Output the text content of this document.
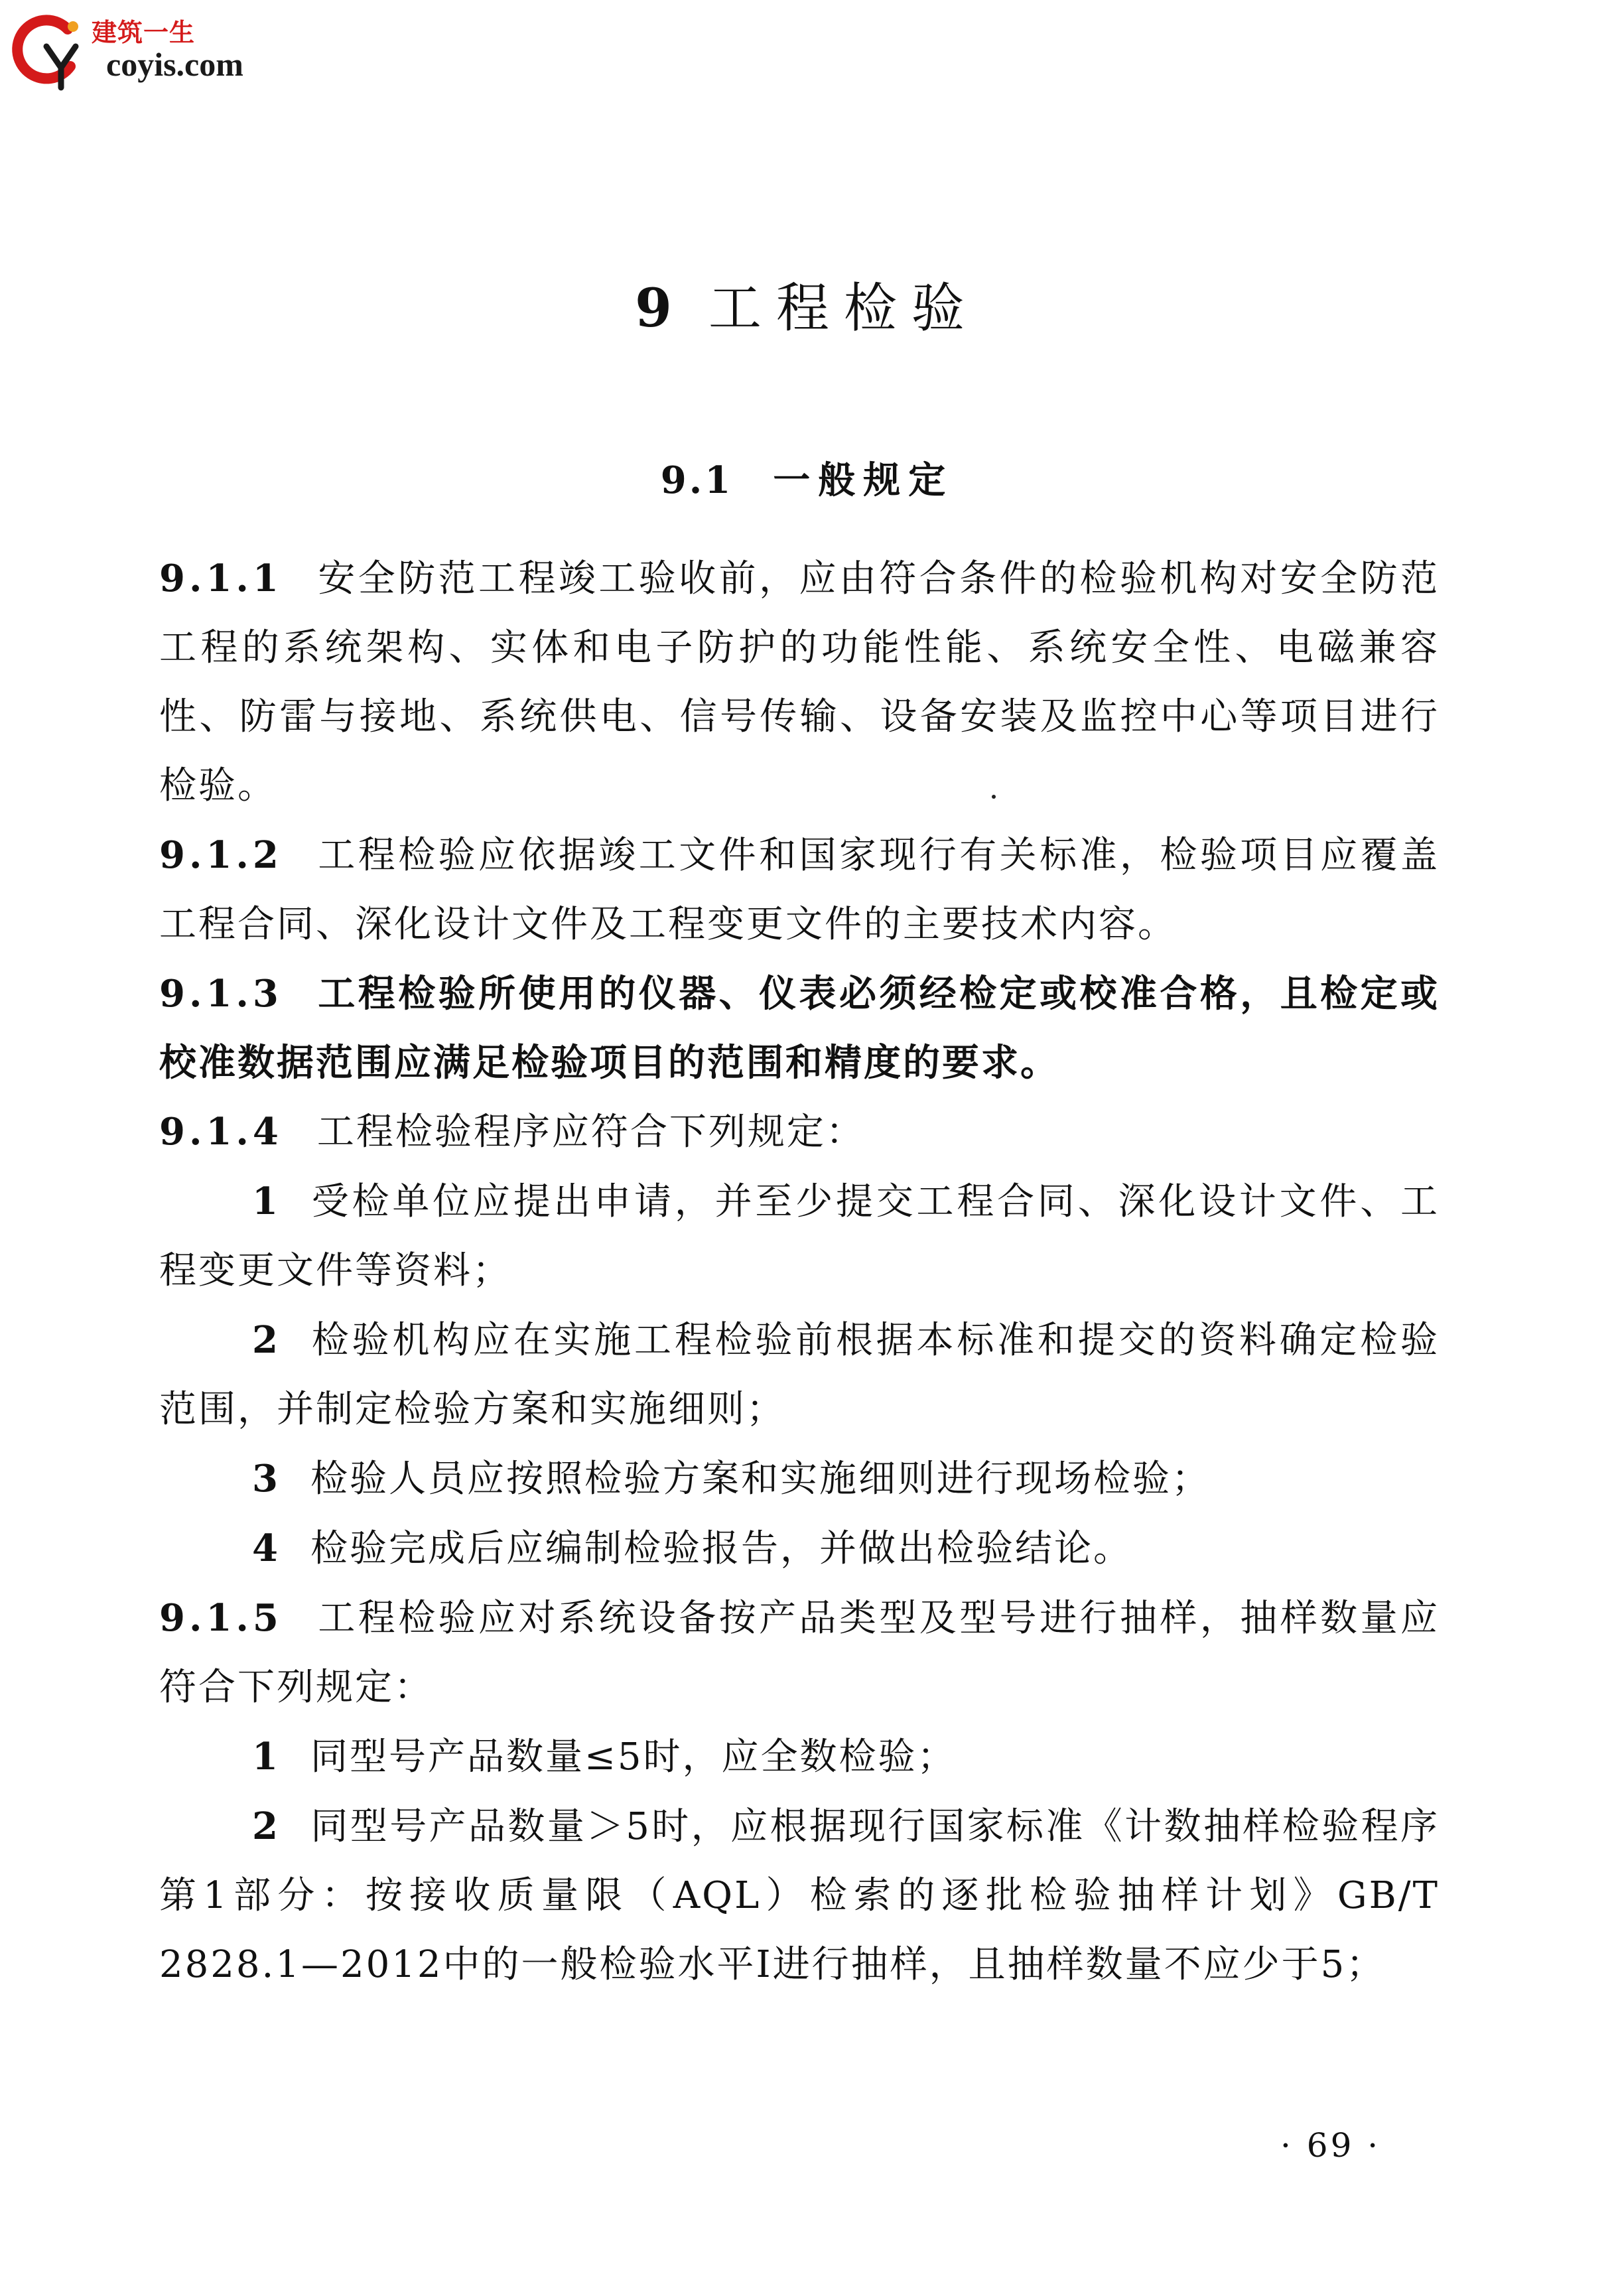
建筑一生
coyis.com
9 工程检验
9.1 一般规定

9.1.1 安全防范工程竣工验收前，应由符合条件的检验机构对安全防范工程的系统架构、实体和电子防护的功能性能、系统安全性、电磁兼容性、防雷与接地、系统供电、信号传输、设备安装及监控中心等项目进行检验。

9.1.2 工程检验应依据竣工文件和国家现行有关标准，检验项目应覆盖工程合同、深化设计文件及工程变更文件的主要技术内容。

9.1.3 工程检验所使用的仪器、仪表必须经检定或校准合格，且检定或校准数据范围应满足检验项目的范围和精度的要求。

9.1.4 工程检验程序应符合下列规定：

1 受检单位应提出申请，并至少提交工程合同、深化设计文件、工程变更文件等资料；

2 检验机构应在实施工程检验前根据本标准和提交的资料确定检验范围，并制定检验方案和实施细则；

3 检验人员应按照检验方案和实施细则进行现场检验；

4 检验完成后应编制检验报告，并做出检验结论。

9.1.5 工程检验应对系统设备按产品类型及型号进行抽样，抽样数量应符合下列规定：

1 同型号产品数量≤5时，应全数检验；

2 同型号产品数量＞5时，应根据现行国家标准《计数抽样检验程序　第1部分：按接收质量限（AQL）检索的逐批检验抽样计划》GB/T 2828.1—2012中的一般检验水平Ⅰ进行抽样，且抽样数量不应少于5；

· 69 ·
